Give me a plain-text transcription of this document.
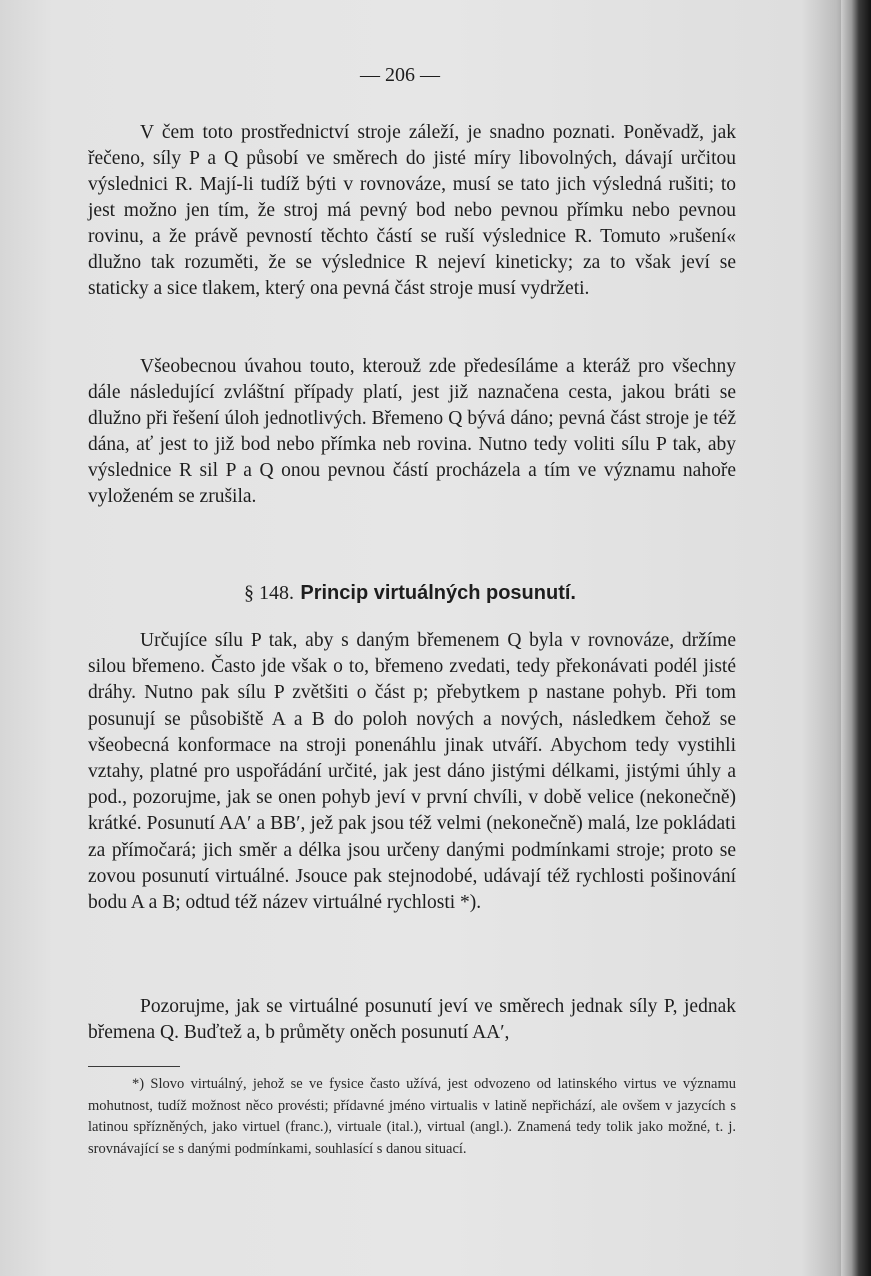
— 206 —

V čem toto prostřednictví stroje záleží, je snadno poznati. Poněvadž, jak řečeno, síly P a Q působí ve směrech do jisté míry libovolných, dávají určitou výslednici R. Mají-li tudíž býti v rovnováze, musí se tato jich výsledná rušiti; to jest možno jen tím, že stroj má pevný bod nebo pevnou přímku nebo pevnou rovinu, a že právě pevností těchto částí se ruší výslednice R. Tomuto »rušení« dlužno tak rozuměti, že se výslednice R nejeví kineticky; za to však jeví se staticky a sice tlakem, který ona pevná část stroje musí vydržeti.

Všeobecnou úvahou touto, kterouž zde předesíláme a kteráž pro všechny dále následující zvláštní případy platí, jest již naznačena cesta, jakou bráti se dlužno při řešení úloh jednotlivých. Břemeno Q bývá dáno; pevná část stroje je též dána, ať jest to již bod nebo přímka neb rovina. Nutno tedy voliti sílu P tak, aby výslednice R sil P a Q onou pevnou částí procházela a tím ve významu nahoře vyloženém se zrušila.

§ 148. Princip virtuálných posunutí.

Určujíce sílu P tak, aby s daným břemenem Q byla v rovnováze, držíme silou břemeno. Často jde však o to, břemeno zvedati, tedy překonávati podél jisté dráhy. Nutno pak sílu P zvětšiti o část p; přebytkem p nastane pohyb. Při tom posunují se působiště A a B do poloh nových a nových, následkem čehož se všeobecná konformace na stroji ponenáhlu jinak utváří. Abychom tedy vystihli vztahy, platné pro uspořádání určité, jak jest dáno jistými délkami, jistými úhly a pod., pozorujme, jak se onen pohyb jeví v první chvíli, v době velice (nekonečně) krátké. Posunutí AA′ a BB′, jež pak jsou též velmi (nekonečně) malá, lze pokládati za přímočará; jich směr a délka jsou určeny danými podmínkami stroje; proto se zovou posunutí virtuálné. Jsouce pak stejnodobé, udávají též rychlosti pošinování bodu A a B; odtud též název virtuálné rychlosti *).

Pozorujme, jak se virtuálné posunutí jeví ve směrech jednak síly P, jednak břemena Q. Buďtež a, b průměty oněch posunutí AA′,

*) Slovo virtuálný, jehož se ve fysice často užívá, jest odvozeno od latinského virtus ve významu mohutnost, tudíž možnost něco provésti; přídavné jméno virtualis v latině nepřichází, ale ovšem v jazycích s latinou spřízněných, jako virtuel (franc.), virtuale (ital.), virtual (angl.). Znamená tedy tolik jako možné, t. j. srovnávající se s danými podmínkami, souhlasící s danou situací.
